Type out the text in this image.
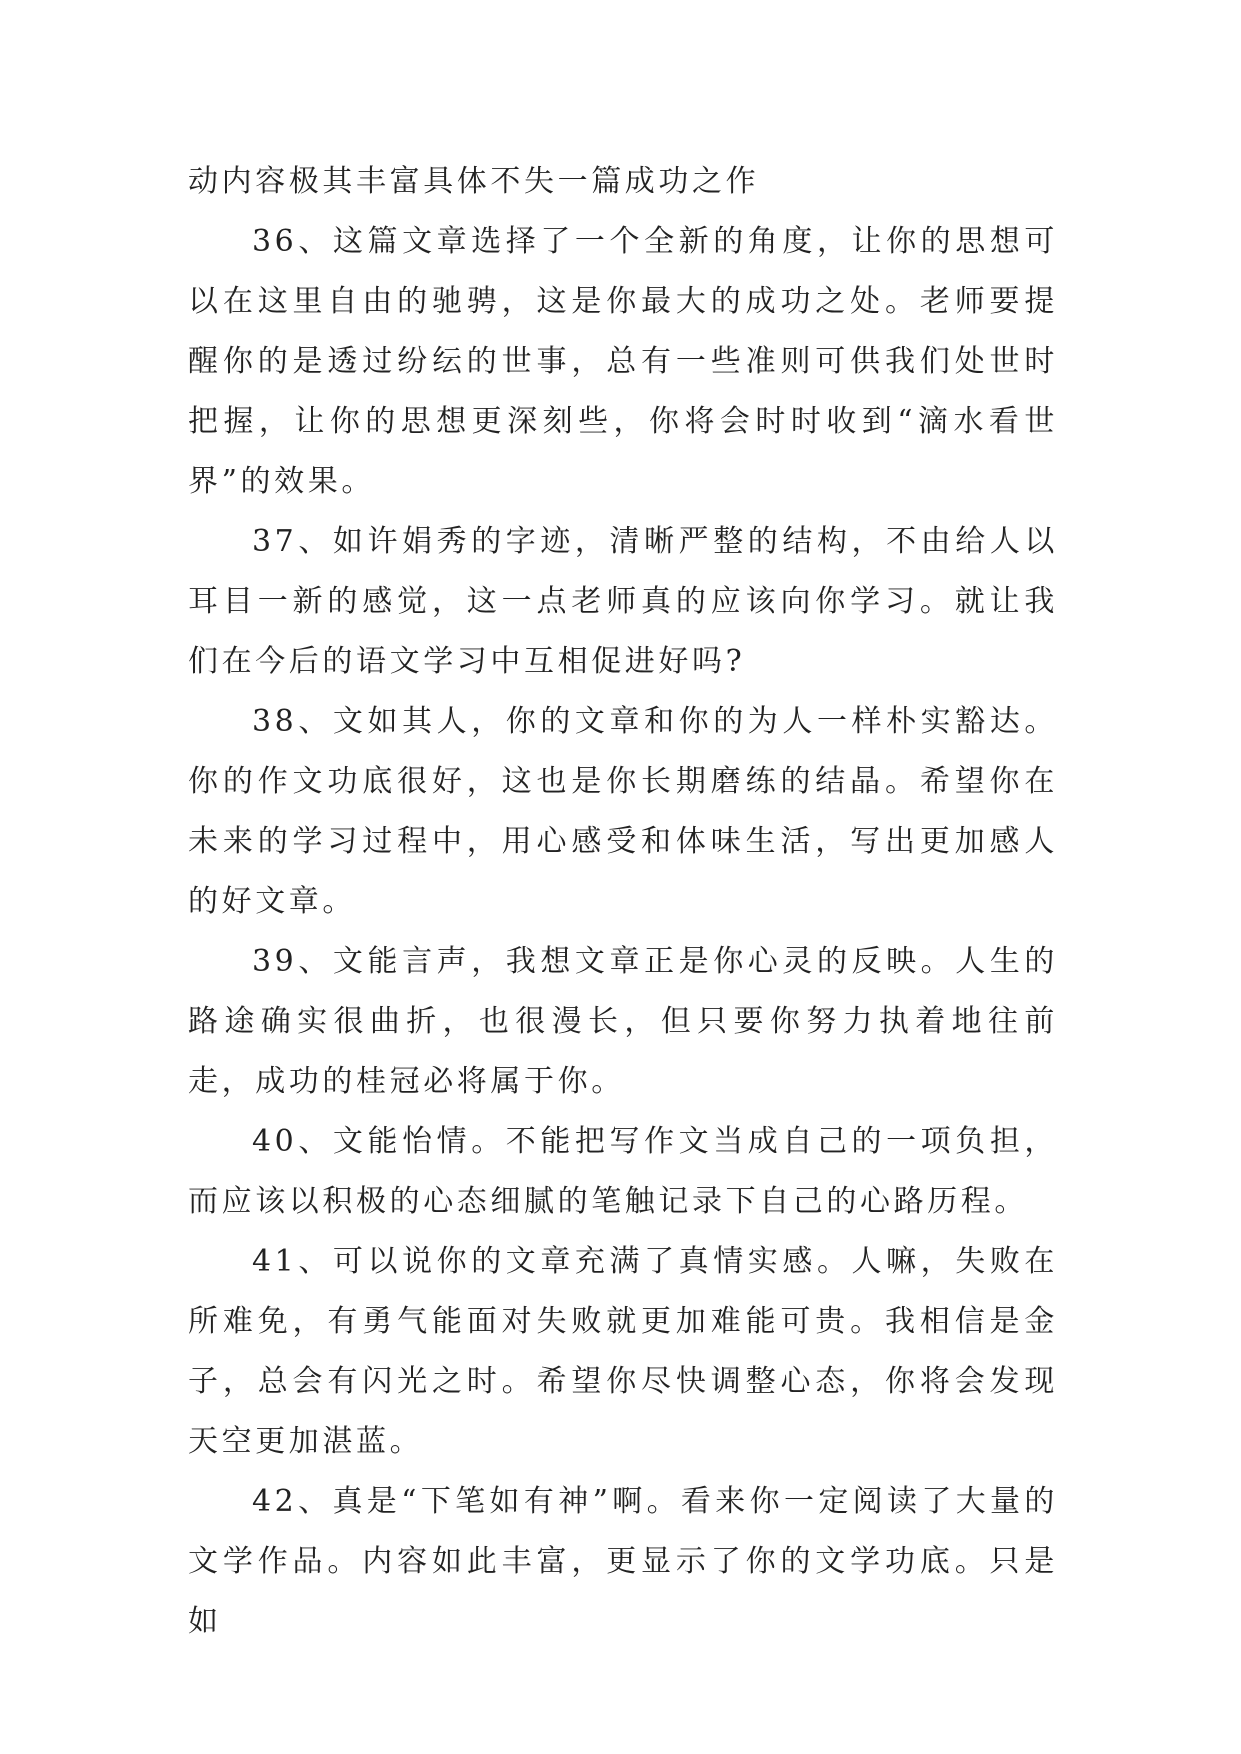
动内容极其丰富具体不失一篇成功之作

36、这篇文章选择了一个全新的角度，让你的思想可以在这里自由的驰骋，这是你最大的成功之处。老师要提醒你的是透过纷纭的世事，总有一些准则可供我们处世时把握，让你的思想更深刻些，你将会时时收到“滴水看世界”的效果。

37、如许娟秀的字迹，清晰严整的结构，不由给人以耳目一新的感觉，这一点老师真的应该向你学习。就让我们在今后的语文学习中互相促进好吗?

38、文如其人，你的文章和你的为人一样朴实豁达。你的作文功底很好，这也是你长期磨练的结晶。希望你在未来的学习过程中，用心感受和体味生活，写出更加感人的好文章。

39、文能言声，我想文章正是你心灵的反映。人生的路途确实很曲折，也很漫长，但只要你努力执着地往前走，成功的桂冠必将属于你。

40、文能怡情。不能把写作文当成自己的一项负担，而应该以积极的心态细腻的笔触记录下自己的心路历程。

41、可以说你的文章充满了真情实感。人嘛，失败在所难免，有勇气能面对失败就更加难能可贵。我相信是金子，总会有闪光之时。希望你尽快调整心态，你将会发现天空更加湛蓝。

42、真是“下笔如有神”啊。看来你一定阅读了大量的文学作品。内容如此丰富，更显示了你的文学功底。只是如
